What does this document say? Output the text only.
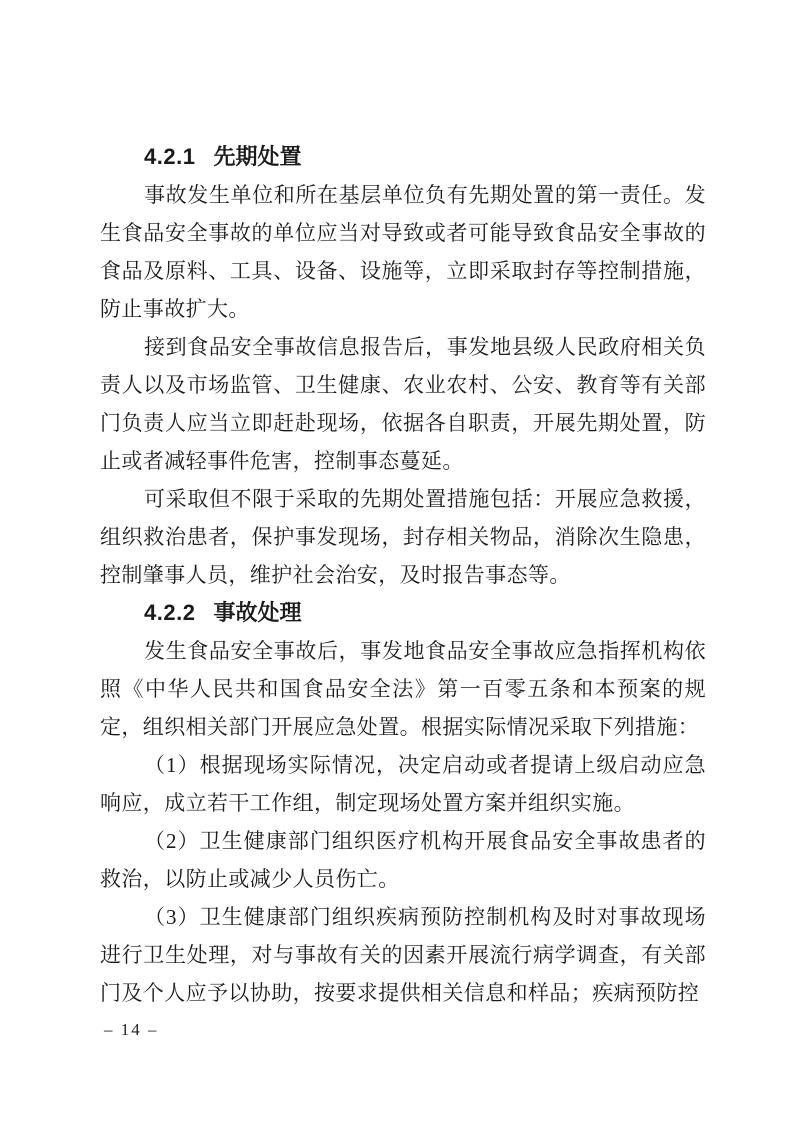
4.2.1 先期处置

事故发生单位和所在基层单位负有先期处置的第一责任。发生食品安全事故的单位应当对导致或者可能导致食品安全事故的食品及原料、工具、设备、设施等，立即采取封存等控制措施，防止事故扩大。

接到食品安全事故信息报告后，事发地县级人民政府相关负责人以及市场监管、卫生健康、农业农村、公安、教育等有关部门负责人应当立即赶赴现场，依据各自职责，开展先期处置，防止或者减轻事件危害，控制事态蔓延。

可采取但不限于采取的先期处置措施包括：开展应急救援，组织救治患者，保护事发现场，封存相关物品，消除次生隐患，控制肇事人员，维护社会治安，及时报告事态等。

4.2.2 事故处理

发生食品安全事故后，事发地食品安全事故应急指挥机构依照《中华人民共和国食品安全法》第一百零五条和本预案的规定，组织相关部门开展应急处置。根据实际情况采取下列措施：

（1）根据现场实际情况，决定启动或者提请上级启动应急响应，成立若干工作组，制定现场处置方案并组织实施。

（2）卫生健康部门组织医疗机构开展食品安全事故患者的救治，以防止或减少人员伤亡。

（3）卫生健康部门组织疾病预防控制机构及时对事故现场进行卫生处理，对与事故有关的因素开展流行病学调查，有关部门及个人应予以协助，按要求提供相关信息和样品；疾病预防控

– 14 –
